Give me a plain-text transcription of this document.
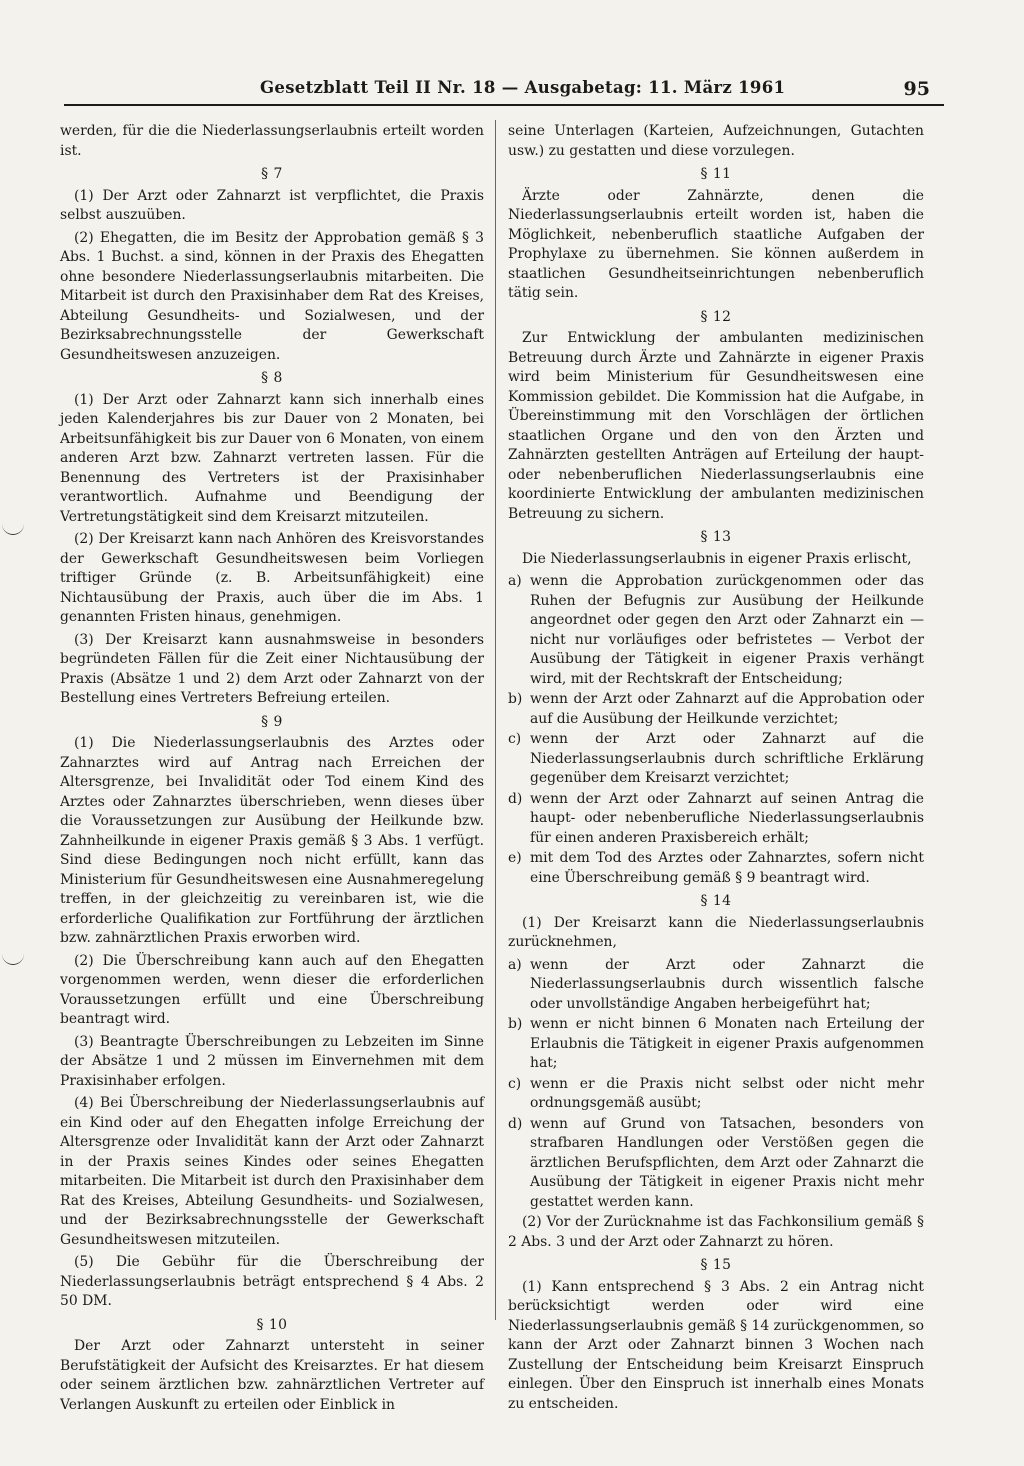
Gesetzblatt Teil II Nr. 18 — Ausgabetag: 11. März 1961	95

werden, für die die Niederlassungserlaubnis erteilt worden ist.

§ 7

(1) Der Arzt oder Zahnarzt ist verpflichtet, die Praxis selbst auszuüben.

(2) Ehegatten, die im Besitz der Approbation gemäß § 3 Abs. 1 Buchst. a sind, können in der Praxis des Ehegatten ohne besondere Niederlassungserlaubnis mitarbeiten. Die Mitarbeit ist durch den Praxisinhaber dem Rat des Kreises, Abteilung Gesundheits- und Sozialwesen, und der Bezirksabrechnungsstelle der Gewerkschaft Gesundheitswesen anzuzeigen.

§ 8

(1) Der Arzt oder Zahnarzt kann sich innerhalb eines jeden Kalenderjahres bis zur Dauer von 2 Monaten, bei Arbeitsunfähigkeit bis zur Dauer von 6 Monaten, von einem anderen Arzt bzw. Zahnarzt vertreten lassen. Für die Benennung des Vertreters ist der Praxisinhaber verantwortlich. Aufnahme und Beendigung der Vertretungstätigkeit sind dem Kreisarzt mitzuteilen.

(2) Der Kreisarzt kann nach Anhören des Kreisvorstandes der Gewerkschaft Gesundheitswesen beim Vorliegen triftiger Gründe (z. B. Arbeitsunfähigkeit) eine Nichtausübung der Praxis, auch über die im Abs. 1 genannten Fristen hinaus, genehmigen.

(3) Der Kreisarzt kann ausnahmsweise in besonders begründeten Fällen für die Zeit einer Nichtausübung der Praxis (Absätze 1 und 2) dem Arzt oder Zahnarzt von der Bestellung eines Vertreters Befreiung erteilen.

§ 9

(1) Die Niederlassungserlaubnis des Arztes oder Zahnarztes wird auf Antrag nach Erreichen der Altersgrenze, bei Invalidität oder Tod einem Kind des Arztes oder Zahnarztes überschrieben, wenn dieses über die Voraussetzungen zur Ausübung der Heilkunde bzw. Zahnheilkunde in eigener Praxis gemäß § 3 Abs. 1 verfügt. Sind diese Bedingungen noch nicht erfüllt, kann das Ministerium für Gesundheitswesen eine Ausnahmeregelung treffen, in der gleichzeitig zu vereinbaren ist, wie die erforderliche Qualifikation zur Fortführung der ärztlichen bzw. zahnärztlichen Praxis erworben wird.

(2) Die Überschreibung kann auch auf den Ehegatten vorgenommen werden, wenn dieser die erforderlichen Voraussetzungen erfüllt und eine Überschreibung beantragt wird.

(3) Beantragte Überschreibungen zu Lebzeiten im Sinne der Absätze 1 und 2 müssen im Einvernehmen mit dem Praxisinhaber erfolgen.

(4) Bei Überschreibung der Niederlassungserlaubnis auf ein Kind oder auf den Ehegatten infolge Erreichung der Altersgrenze oder Invalidität kann der Arzt oder Zahnarzt in der Praxis seines Kindes oder seines Ehegatten mitarbeiten. Die Mitarbeit ist durch den Praxisinhaber dem Rat des Kreises, Abteilung Gesundheits- und Sozialwesen, und der Bezirksabrechnungsstelle der Gewerkschaft Gesundheitswesen mitzuteilen.

(5) Die Gebühr für die Überschreibung der Niederlassungserlaubnis beträgt entsprechend § 4 Abs. 2 50 DM.

§ 10

Der Arzt oder Zahnarzt untersteht in seiner Berufstätigkeit der Aufsicht des Kreisarztes. Er hat diesem oder seinem ärztlichen bzw. zahnärztlichen Vertreter auf Verlangen Auskunft zu erteilen oder Einblick in

seine Unterlagen (Karteien, Aufzeichnungen, Gutachten usw.) zu gestatten und diese vorzulegen.

§ 11

Ärzte oder Zahnärzte, denen die Niederlassungserlaubnis erteilt worden ist, haben die Möglichkeit, nebenberuflich staatliche Aufgaben der Prophylaxe zu übernehmen. Sie können außerdem in staatlichen Gesundheitseinrichtungen nebenberuflich tätig sein.

§ 12

Zur Entwicklung der ambulanten medizinischen Betreuung durch Ärzte und Zahnärzte in eigener Praxis wird beim Ministerium für Gesundheitswesen eine Kommission gebildet. Die Kommission hat die Aufgabe, in Übereinstimmung mit den Vorschlägen der örtlichen staatlichen Organe und den von den Ärzten und Zahnärzten gestellten Anträgen auf Erteilung der haupt- oder nebenberuflichen Niederlassungserlaubnis eine koordinierte Entwicklung der ambulanten medizinischen Betreuung zu sichern.

§ 13

Die Niederlassungserlaubnis in eigener Praxis erlischt,

a) wenn die Approbation zurückgenommen oder das Ruhen der Befugnis zur Ausübung der Heilkunde angeordnet oder gegen den Arzt oder Zahnarzt ein — nicht nur vorläufiges oder befristetes — Verbot der Ausübung der Tätigkeit in eigener Praxis verhängt wird, mit der Rechtskraft der Entscheidung;
b) wenn der Arzt oder Zahnarzt auf die Approbation oder auf die Ausübung der Heilkunde verzichtet;
c) wenn der Arzt oder Zahnarzt auf die Niederlassungserlaubnis durch schriftliche Erklärung gegenüber dem Kreisarzt verzichtet;
d) wenn der Arzt oder Zahnarzt auf seinen Antrag die haupt- oder nebenberufliche Niederlassungserlaubnis für einen anderen Praxisbereich erhält;
e) mit dem Tod des Arztes oder Zahnarztes, sofern nicht eine Überschreibung gemäß § 9 beantragt wird.
§ 14

(1) Der Kreisarzt kann die Niederlassungserlaubnis zurücknehmen,

a) wenn der Arzt oder Zahnarzt die Niederlassungserlaubnis durch wissentlich falsche oder unvollständige Angaben herbeigeführt hat;
b) wenn er nicht binnen 6 Monaten nach Erteilung der Erlaubnis die Tätigkeit in eigener Praxis aufgenommen hat;
c) wenn er die Praxis nicht selbst oder nicht mehr ordnungsgemäß ausübt;
d) wenn auf Grund von Tatsachen, besonders von strafbaren Handlungen oder Verstößen gegen die ärztlichen Berufspflichten, dem Arzt oder Zahnarzt die Ausübung der Tätigkeit in eigener Praxis nicht mehr gestattet werden kann.

(2) Vor der Zurücknahme ist das Fachkonsilium gemäß § 2 Abs. 3 und der Arzt oder Zahnarzt zu hören.

§ 15

(1) Kann entsprechend § 3 Abs. 2 ein Antrag nicht berücksichtigt werden oder wird eine Niederlassungserlaubnis gemäß § 14 zurückgenommen, so kann der Arzt oder Zahnarzt binnen 3 Wochen nach Zustellung der Entscheidung beim Kreisarzt Einspruch einlegen. Über den Einspruch ist innerhalb eines Monats zu entscheiden.
